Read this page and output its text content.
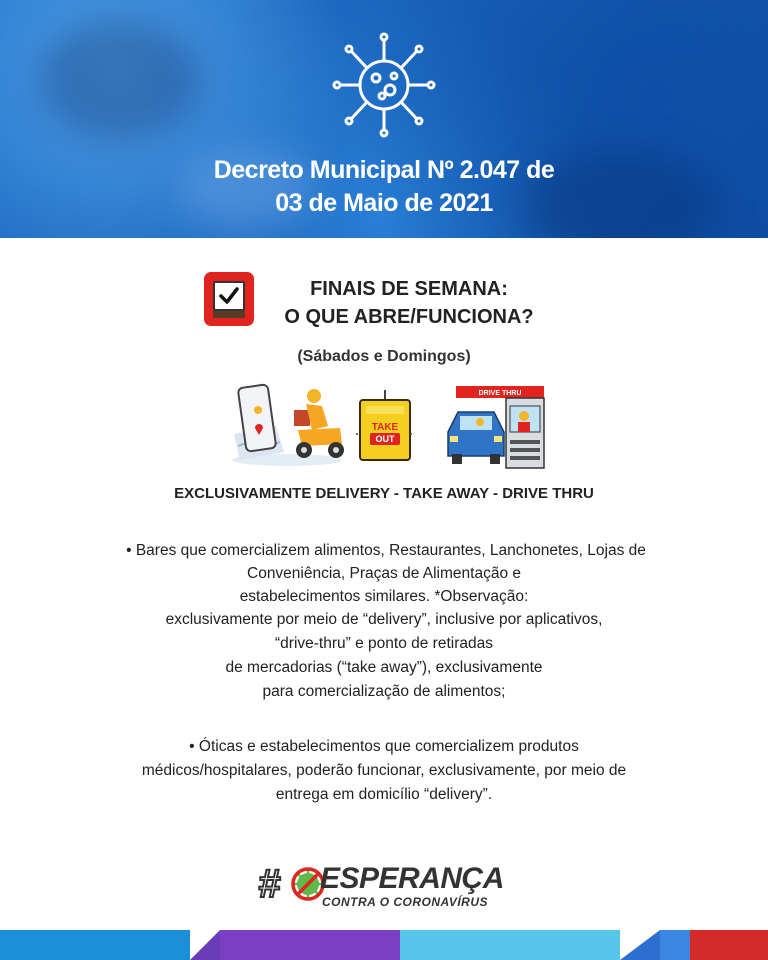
Decreto Municipal Nº 2.047 de
03 de Maio de 2021
FINAIS DE SEMANA:
O QUE ABRE/FUNCIONA?
(Sábados e Domingos)
TAKE
OUT
DRIVE THRU
EXCLUSIVAMENTE DELIVERY - TAKE AWAY - DRIVE THRU
• Bares que comercializem alimentos, Restaurantes, Lanchonetes, Lojas de
Conveniência, Praças de Alimentação e
estabelecimentos similares. *Observação:
exclusivamente por meio de “delivery”, inclusive por aplicativos,
“drive-thru” e ponto de retiradas
de mercadorias (“take away”), exclusivamente
para comercialização de alimentos;
• Óticas e estabelecimentos que comercializem produtos
médicos/hospitalares, poderão funcionar, exclusivamente, por meio de
entrega em domicílio “delivery”.
# ESPERANÇA
CONTRA O CORONAVÍRUS
